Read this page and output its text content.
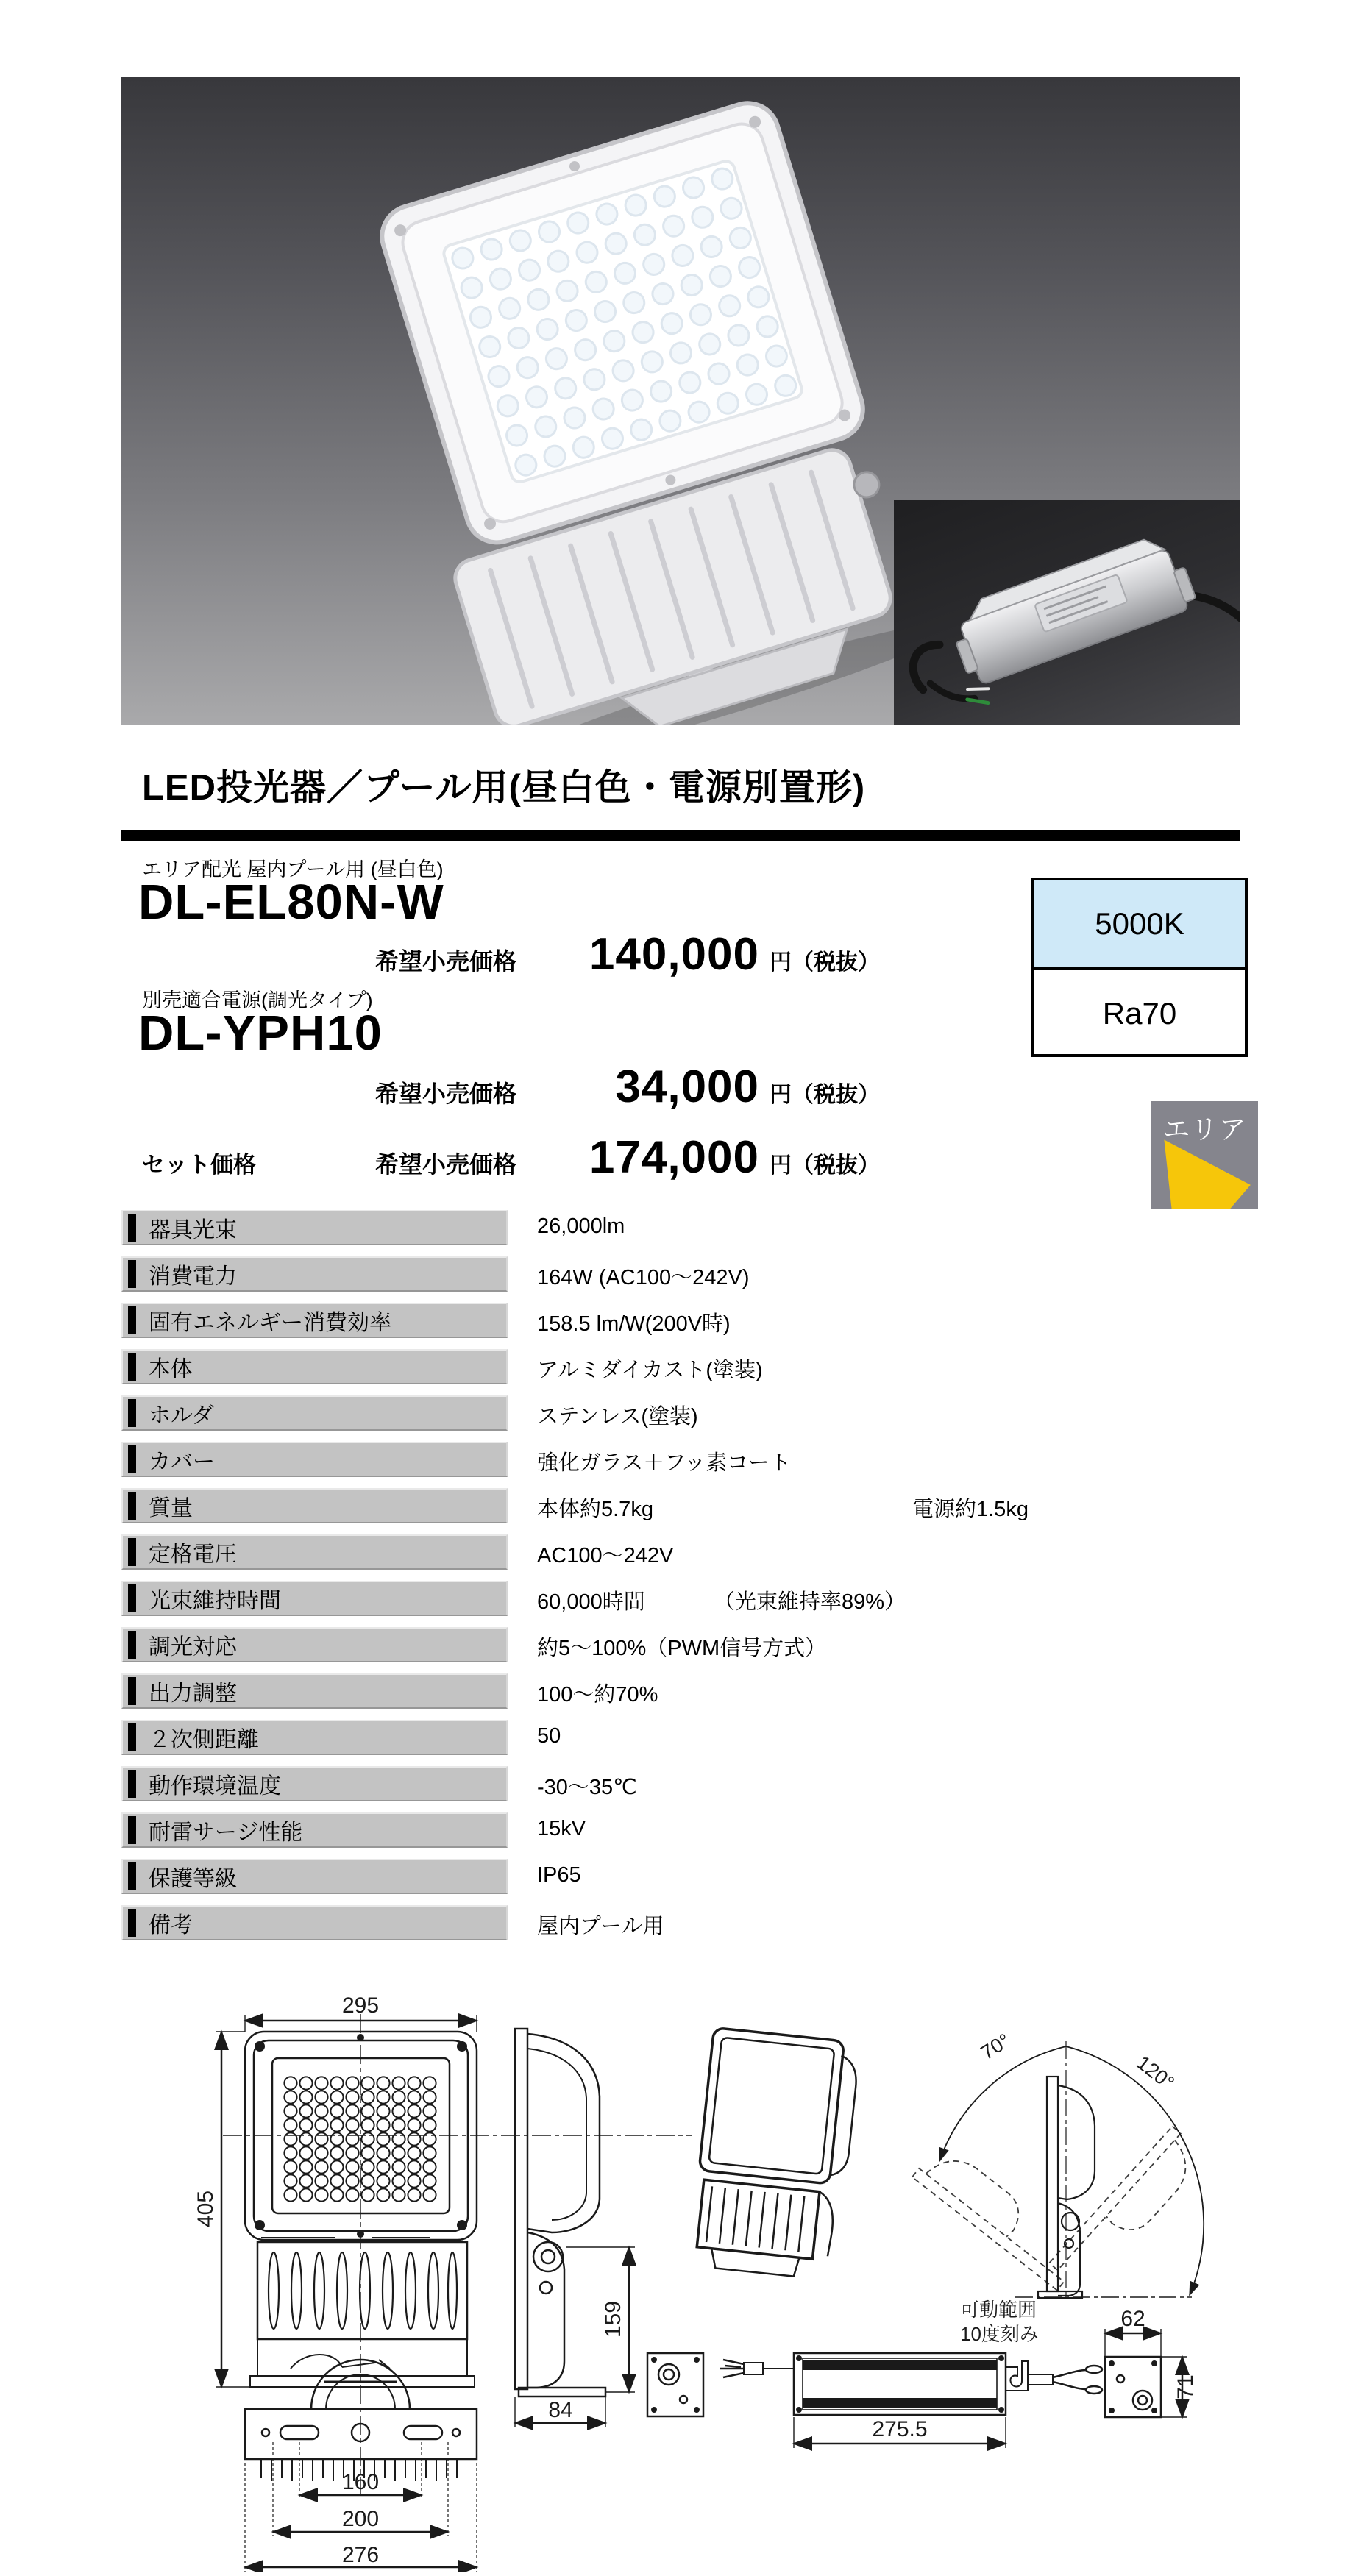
LED投光器／プール用(昼白色・電源別置形)
エリア配光 屋内プール用 (昼白色)
DL-EL80N-W
希望小売価格	140,000 円（税抜）
別売適合電源(調光タイプ)
DL-YPH10
希望小売価格	34,000 円（税抜）
セット価格	希望小売価格	174,000 円（税抜）
5000K
Ra70
エリア
器具光束	26,000lm
消費電力	164W (AC100〜242V)
固有エネルギー消費効率	158.5 lm/W(200V時)
本体	アルミダイカスト(塗装)
ホルダ	ステンレス(塗装)
カバー	強化ガラス＋フッ素コート
質量	本体約5.7kg	電源約1.5kg
定格電圧	AC100〜242V
光束維持時間	60,000時間	（光束維持率89%）
調光対応	約5〜100%（PWM信号方式）
出力調整	100〜約70%
２次側距離	50
動作環境温度	-30〜35℃
耐雷サージ性能	15kV
保護等級	IP65
備考	屋内プール用
295
405
160
200
276
159
84
70°
120°
可動範囲
10度刻み
275.5
62
71
